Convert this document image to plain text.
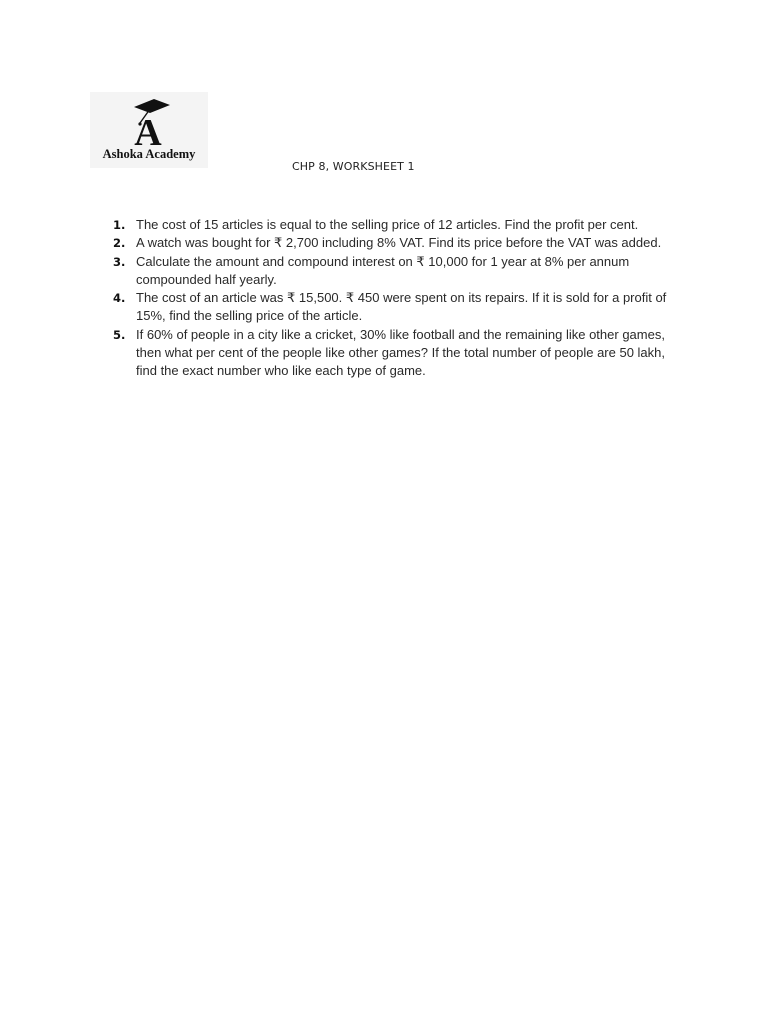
A
Ashoka Academy
CHP 8, WORKSHEET 1
1. The cost of 15 articles is equal to the selling price of 12 articles. Find the profit per cent.
2. A watch was bought for ₹ 2,700 including 8% VAT. Find its price before the VAT was added.
3. Calculate the amount and compound interest on ₹ 10,000 for 1 year at 8% per annum compounded half yearly.
4. The cost of an article was ₹ 15,500. ₹ 450 were spent on its repairs. If it is sold for a profit of 15%, find the selling price of the article.
5. If 60% of people in a city like a cricket, 30% like football and the remaining like other games, then what per cent of the people like other games? If the total number of people are 50 lakh, find the exact number who like each type of game.
